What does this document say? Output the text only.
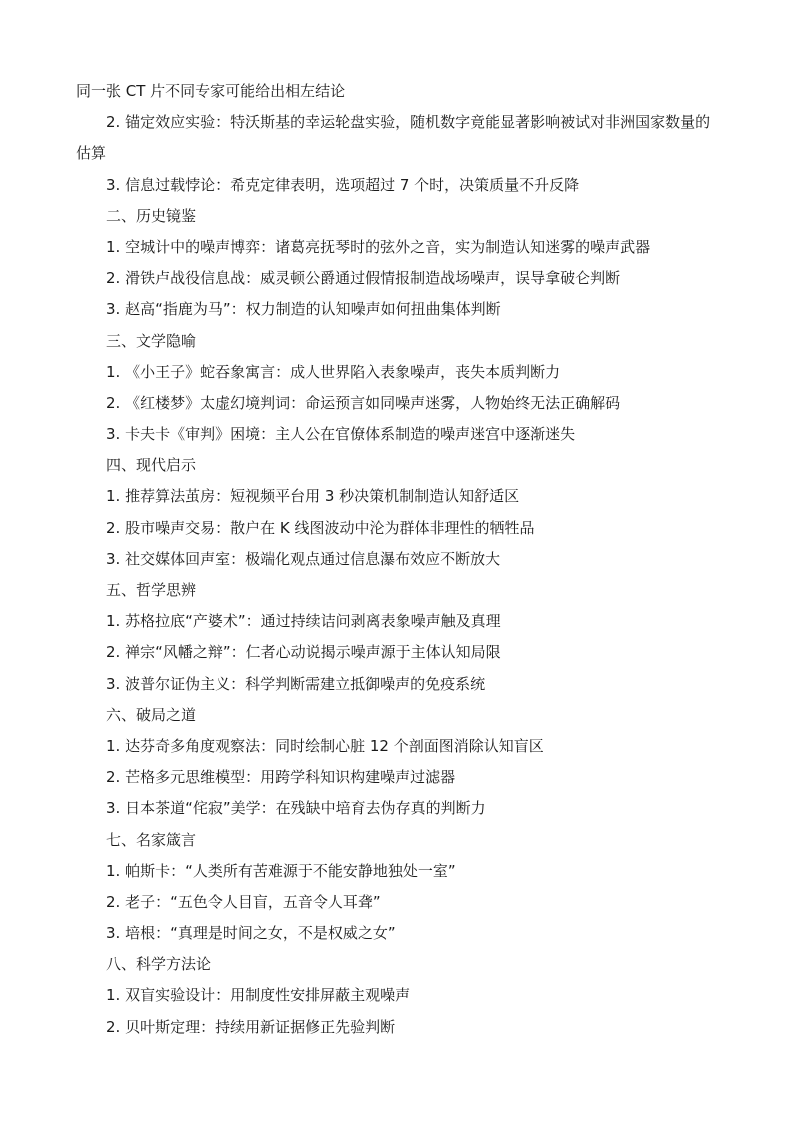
同一张 CT 片不同专家可能给出相左结论
2. 锚定效应实验：特沃斯基的幸运轮盘实验，随机数字竟能显著影响被试对非洲国家数量的估算
3. 信息过载悖论：希克定律表明，选项超过 7 个时，决策质量不升反降
二、历史镜鉴
1. 空城计中的噪声博弈：诸葛亮抚琴时的弦外之音，实为制造认知迷雾的噪声武器
2. 滑铁卢战役信息战：威灵顿公爵通过假情报制造战场噪声，误导拿破仑判断
3. 赵高“指鹿为马”：权力制造的认知噪声如何扭曲集体判断
三、文学隐喻
1. 《小王子》蛇吞象寓言：成人世界陷入表象噪声，丧失本质判断力
2. 《红楼梦》太虚幻境判词：命运预言如同噪声迷雾，人物始终无法正确解码
3. 卡夫卡《审判》困境：主人公在官僚体系制造的噪声迷宫中逐渐迷失
四、现代启示
1. 推荐算法茧房：短视频平台用 3 秒决策机制制造认知舒适区
2. 股市噪声交易：散户在 K 线图波动中沦为群体非理性的牺牲品
3. 社交媒体回声室：极端化观点通过信息瀑布效应不断放大
五、哲学思辨
1. 苏格拉底“产婆术”：通过持续诘问剥离表象噪声触及真理
2. 禅宗“风幡之辩”：仁者心动说揭示噪声源于主体认知局限
3. 波普尔证伪主义：科学判断需建立抵御噪声的免疫系统
六、破局之道
1. 达芬奇多角度观察法：同时绘制心脏 12 个剖面图消除认知盲区
2. 芒格多元思维模型：用跨学科知识构建噪声过滤器
3. 日本茶道“侘寂”美学：在残缺中培育去伪存真的判断力
七、名家箴言
1. 帕斯卡：“人类所有苦难源于不能安静地独处一室”
2. 老子：“五色令人目盲，五音令人耳聋”
3. 培根：“真理是时间之女，不是权威之女”
八、科学方法论
1. 双盲实验设计：用制度性安排屏蔽主观噪声
2. 贝叶斯定理：持续用新证据修正先验判断
